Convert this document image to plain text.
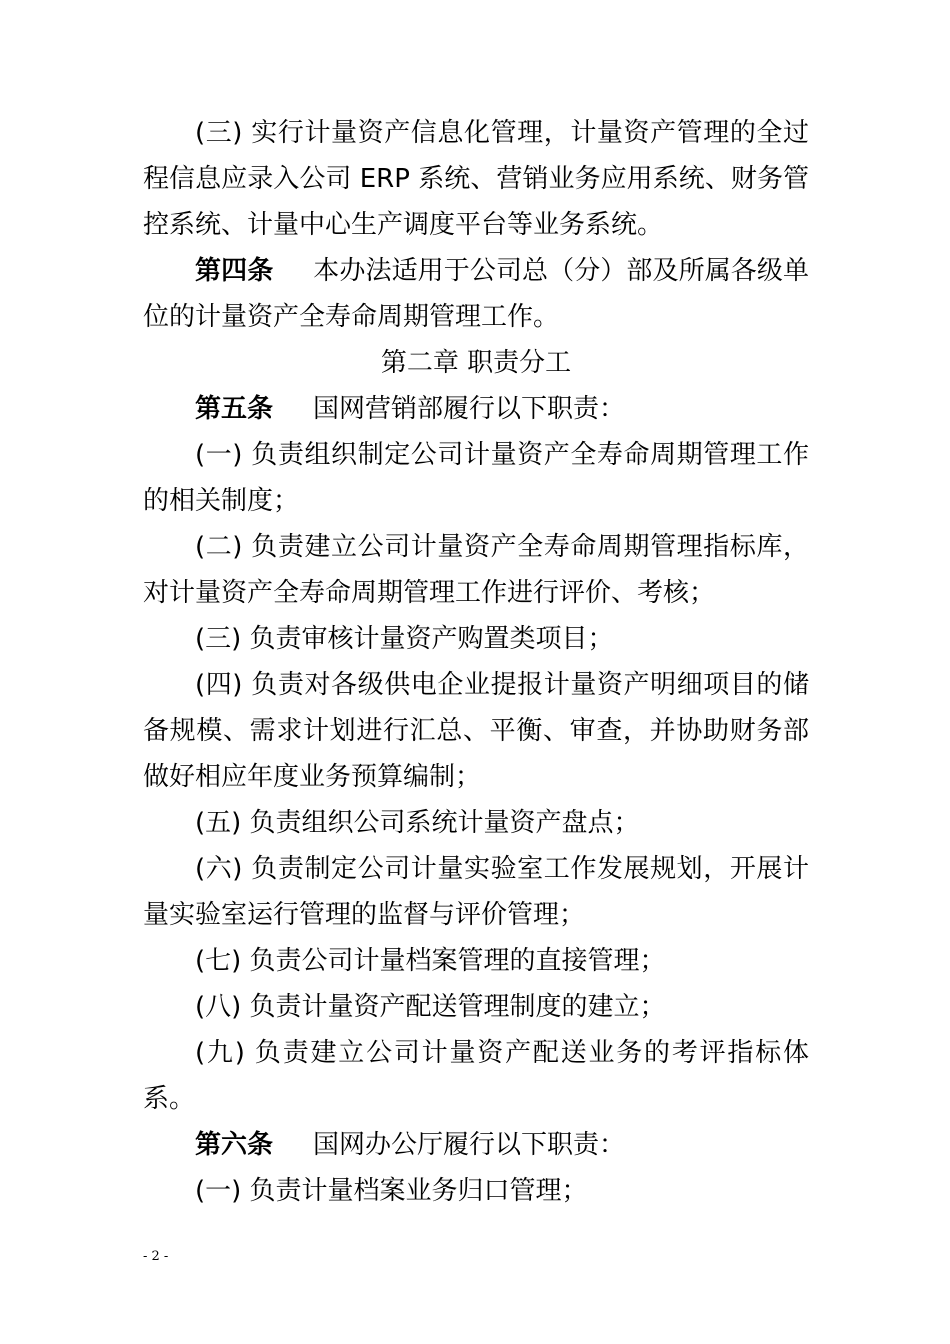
(三) 实行计量资产信息化管理，计量资产管理的全过程信息应录入公司 ERP 系统、营销业务应用系统、财务管控系统、计量中心生产调度平台等业务系统。

第四条 本办法适用于公司总（分）部及所属各级单位的计量资产全寿命周期管理工作。

第二章 职责分工

第五条 国网营销部履行以下职责：

(一) 负责组织制定公司计量资产全寿命周期管理工作的相关制度；

(二) 负责建立公司计量资产全寿命周期管理指标库，对计量资产全寿命周期管理工作进行评价、考核；

(三) 负责审核计量资产购置类项目；

(四) 负责对各级供电企业提报计量资产明细项目的储备规模、需求计划进行汇总、平衡、审查，并协助财务部做好相应年度业务预算编制；

(五) 负责组织公司系统计量资产盘点；

(六) 负责制定公司计量实验室工作发展规划，开展计量实验室运行管理的监督与评价管理；

(七) 负责公司计量档案管理的直接管理；

(八) 负责计量资产配送管理制度的建立；

(九) 负责建立公司计量资产配送业务的考评指标体系。

第六条 国网办公厅履行以下职责：

(一) 负责计量档案业务归口管理；

- 2 -
